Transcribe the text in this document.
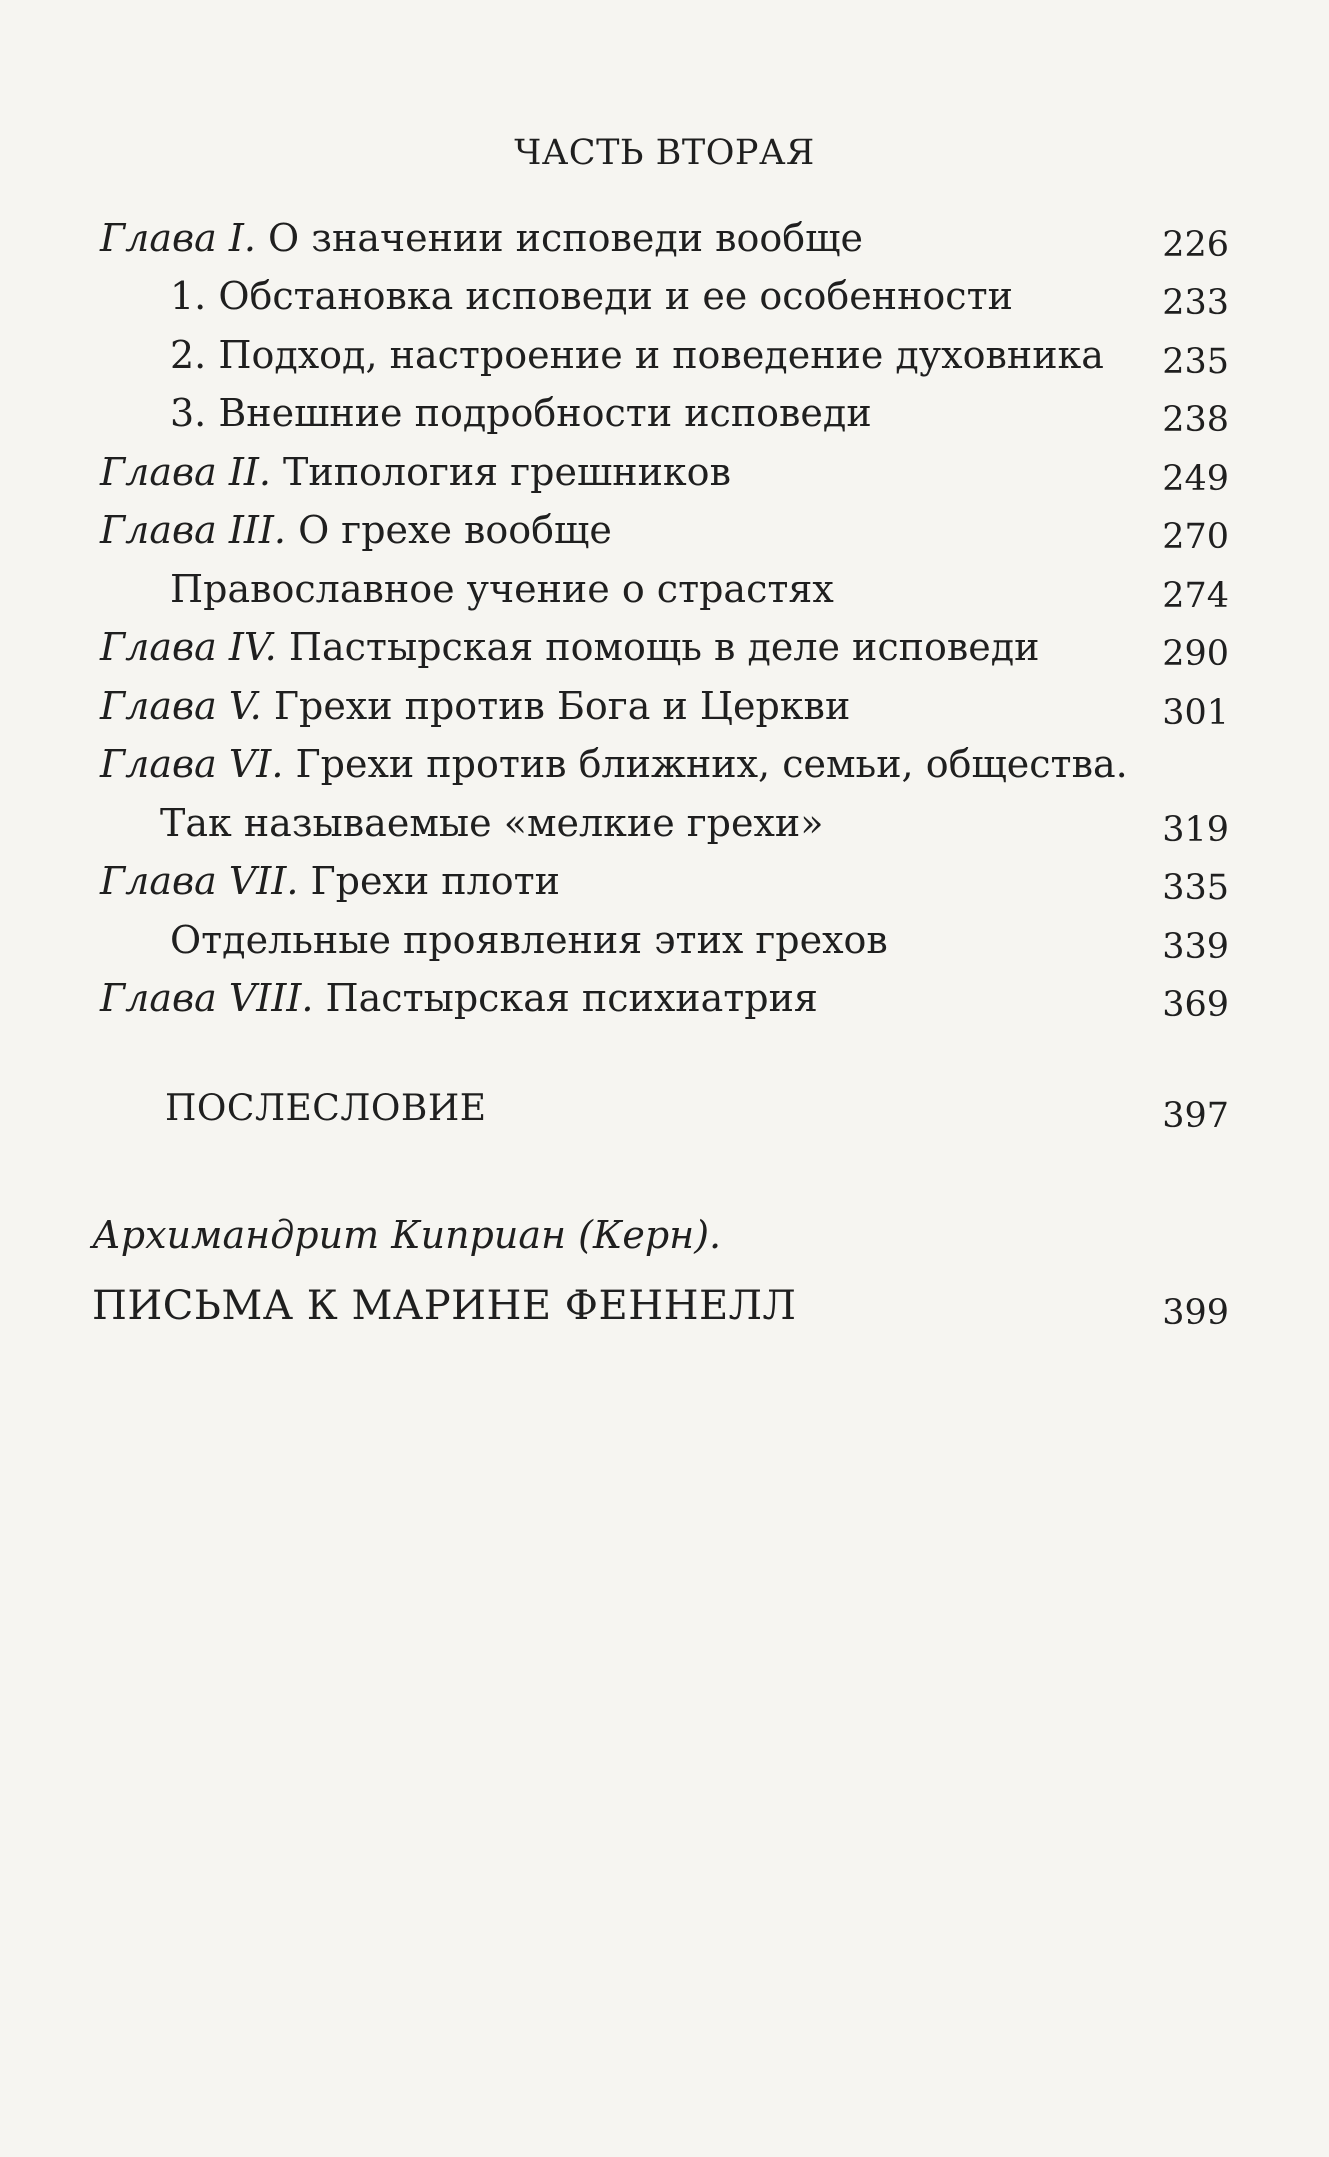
ЧАСТЬ ВТОРАЯ
Глава I. О значении исповеди вообще	226
1. Обстановка исповеди и ее особенности	233
2. Подход, настроение и поведение духовника 235
3. Внешние подробности исповеди	238
Глава II. Типология грешников	249
Глава III. О грехе вообще	270
Православное учение о страстях	274
Глава IV. Пастырская помощь в деле исповеди	290
Глава V. Грехи против Бога и Церкви	301
Глава VI. Грехи против ближних, семьи, общества.
Так называемые «мелкие грехи»	319
Глава VII. Грехи плоти	335
Отдельные проявления этих грехов	339
Глава VIII. Пастырская психиатрия	369
ПОСЛЕСЛОВИЕ	397
Архимандрит Киприан (Керн).
ПИСЬМА К МАРИНЕ ФЕННЕЛЛ	399
